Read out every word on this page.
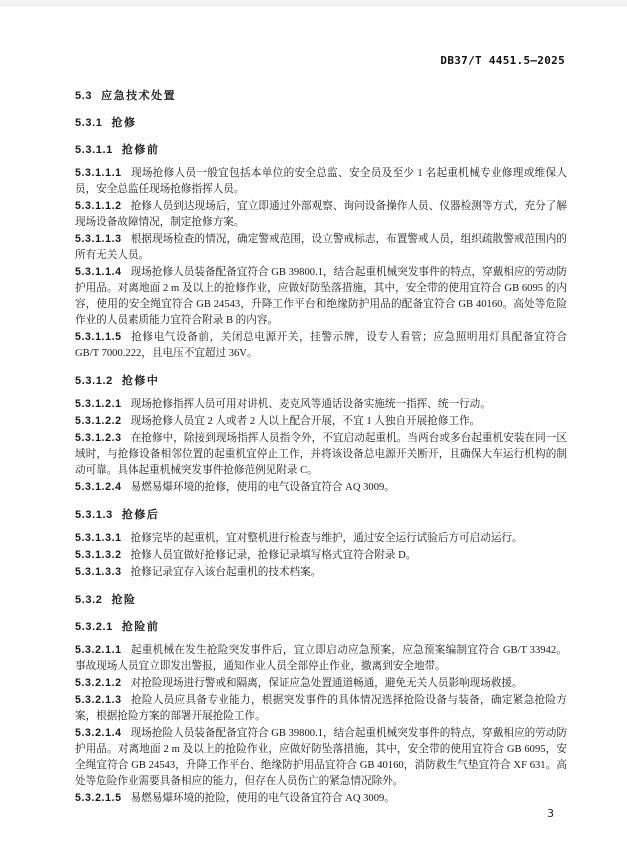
DB37/T 4451.5—2025
5.3 应急技术处置
5.3.1 抢修
5.3.1.1 抢修前
5.3.1.1.1 现场抢修人员一般宜包括本单位的安全总监、安全员及至少 1 名起重机械专业修理或维保人员，安全总监任现场抢修指挥人员。
5.3.1.1.2 抢修人员到达现场后，宜立即通过外部观察、询问设备操作人员、仪器检测等方式，充分了解现场设备故障情况，制定抢修方案。
5.3.1.1.3 根据现场检查的情况，确定警戒范围，设立警戒标志，布置警戒人员，组织疏散警戒范围内的所有无关人员。
5.3.1.1.4 现场抢修人员装备配备宜符合 GB 39800.1，结合起重机械突发事件的特点，穿戴相应的劳动防护用品。对离地面 2 m 及以上的抢修作业，应做好防坠落措施，其中，安全带的使用宜符合 GB 6095 的内容，使用的安全绳宜符合 GB 24543，升降工作平台和绝缘防护用品的配备宜符合 GB 40160。高处等危险作业的人员素质能力宜符合附录 B 的内容。
5.3.1.1.5 抢修电气设备前，关闭总电源开关，挂警示牌，设专人看管；应急照明用灯具配备宜符合 GB/T 7000.222，且电压不宜超过 36V。
5.3.1.2 抢修中
5.3.1.2.1 现场抢修指挥人员可用对讲机、麦克风等通话设备实施统一指挥、统一行动。
5.3.1.2.2 现场抢修人员宜 2 人或者 2 人以上配合开展，不宜 1 人独自开展抢修工作。
5.3.1.2.3 在抢修中，除接到现场指挥人员指令外，不宜启动起重机。当两台或多台起重机安装在同一区域时，与抢修设备相邻位置的起重机宜停止工作，并将该设备总电源开关断开，且确保大车运行机构的制动可靠。具体起重机械突发事件抢修范例见附录 C。
5.3.1.2.4 易燃易爆环境的抢修，使用的电气设备宜符合 AQ 3009。
5.3.1.3 抢修后
5.3.1.3.1 抢修完毕的起重机，宜对整机进行检查与维护，通过安全运行试验后方可启动运行。
5.3.1.3.2 抢修人员宜做好抢修记录，抢修记录填写格式宜符合附录 D。
5.3.1.3.3 抢修记录宜存入该台起重机的技术档案。
5.3.2 抢险
5.3.2.1 抢险前
5.3.2.1.1 起重机械在发生抢险突发事件后，宜立即启动应急预案，应急预案编制宜符合 GB/T 33942。事故现场人员宜立即发出警报，通知作业人员全部停止作业，撤离到安全地带。
5.3.2.1.2 对抢险现场进行警戒和隔离，保证应急处置通道畅通，避免无关人员影响现场救援。
5.3.2.1.3 抢险人员应具备专业能力，根据突发事件的具体情况选择抢险设备与装备，确定紧急抢险方案，根据抢险方案的部署开展抢险工作。
5.3.2.1.4 现场抢险人员装备配备宜符合 GB 39800.1，结合起重机械突发事件的特点，穿戴相应的劳动防护用品。对离地面 2 m 及以上的抢险作业，应做好防坠落措施，其中，安全带的使用宜符合 GB 6095，安全绳宜符合 GB 24543，升降工作平台、绝缘防护用品宜符合 GB 40160，消防救生气垫宜符合 XF 631。高处等危险作业需要具备相应的能力，但存在人员伤亡的紧急情况除外。
5.3.2.1.5 易燃易爆环境的抢险，使用的电气设备宜符合 AQ 3009。
3
